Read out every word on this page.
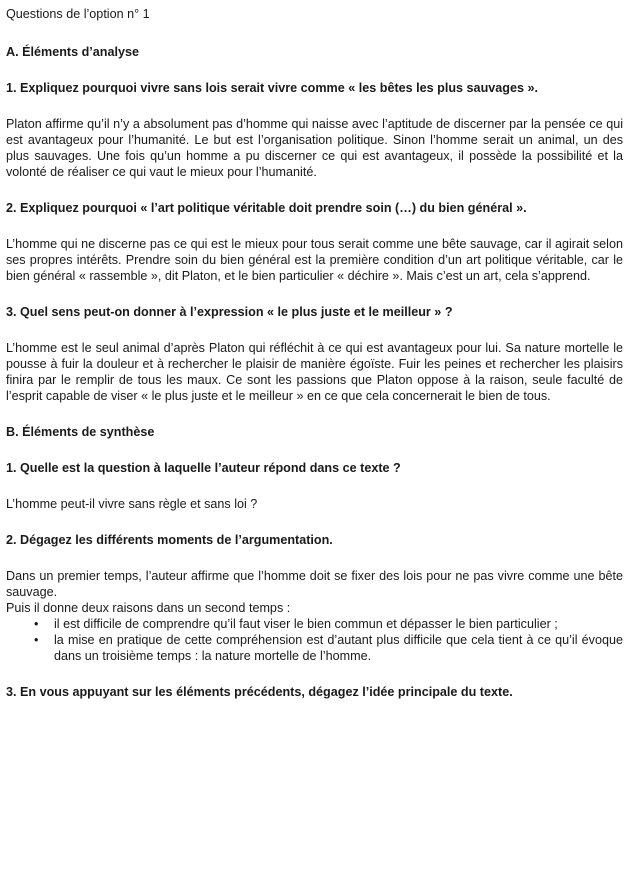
Questions de l’option n° 1

A. Éléments d’analyse

1. Expliquez pourquoi vivre sans lois serait vivre comme « les bêtes les plus sauvages ».

Platon affirme qu’il n’y a absolument pas d’homme qui naisse avec l’aptitude de discerner par la pensée ce qui est avantageux pour l’humanité. Le but est l’organisation politique. Sinon l’homme serait un animal, un des plus sauvages. Une fois qu’un homme a pu discerner ce qui est avantageux, il possède la possibilité et la volonté de réaliser ce qui vaut le mieux pour l’humanité.

2. Expliquez pourquoi « l’art politique véritable doit prendre soin (…) du bien général ».

L’homme qui ne discerne pas ce qui est le mieux pour tous serait comme une bête sauvage, car il agirait selon ses propres intérêts. Prendre soin du bien général est la première condition d’un art politique véritable, car le bien général « rassemble », dit Platon, et le bien particulier « déchire ». Mais c’est un art, cela s’apprend.

3. Quel sens peut-on donner à l’expression « le plus juste et le meilleur » ?

L’homme est le seul animal d’après Platon qui réfléchit à ce qui est avantageux pour lui. Sa nature mortelle le pousse à fuir la douleur et à rechercher le plaisir de manière égoïste. Fuir les peines et rechercher les plaisirs finira par le remplir de tous les maux. Ce sont les passions que Platon oppose à la raison, seule faculté de l’esprit capable de viser « le plus juste et le meilleur » en ce que cela concernerait le bien de tous.

B. Éléments de synthèse

1. Quelle est la question à laquelle l’auteur répond dans ce texte ?

L’homme peut-il vivre sans règle et sans loi ?

2. Dégagez les différents moments de l’argumentation.

Dans un premier temps, l’auteur affirme que l’homme doit se fixer des lois pour ne pas vivre comme une bête sauvage.

Puis il donne deux raisons dans un second temps :

• il est difficile de comprendre qu’il faut viser le bien commun et dépasser le bien particulier ;
• la mise en pratique de cette compréhension est d’autant plus difficile que cela tient à ce qu’il évoque dans un troisième temps : la nature mortelle de l’homme.

3. En vous appuyant sur les éléments précédents, dégagez l’idée principale du texte.
